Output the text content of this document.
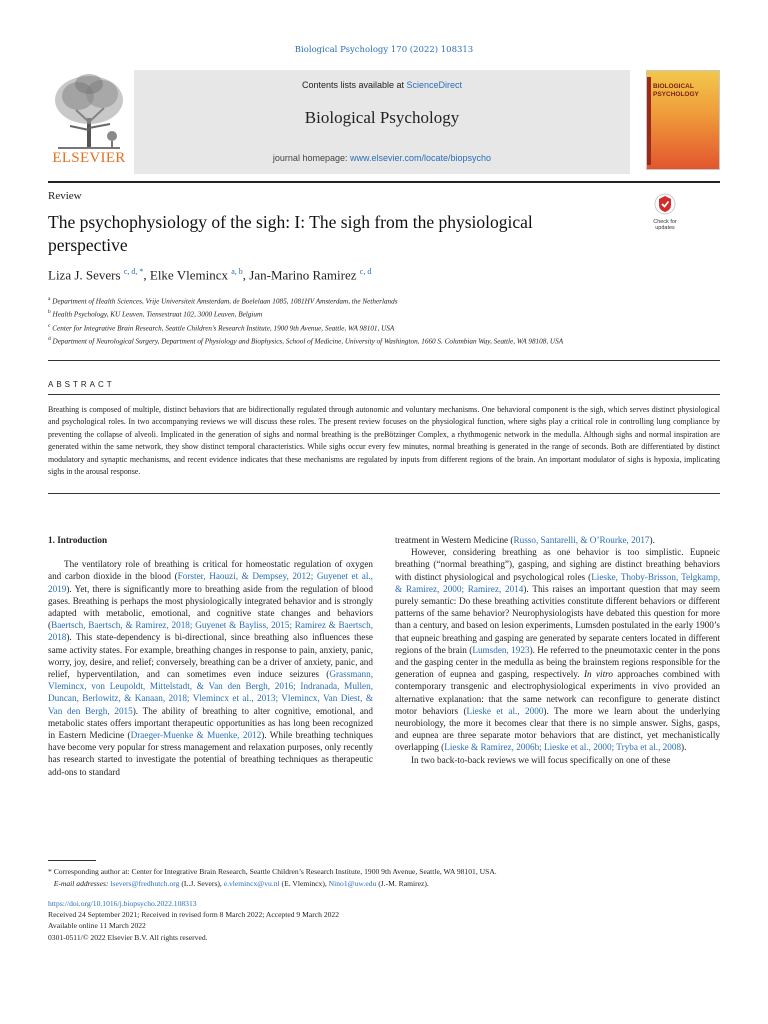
Biological Psychology 170 (2022) 108313
ELSEVIER
Contents lists available at ScienceDirect
Biological Psychology
journal homepage: www.elsevier.com/locate/biopsycho
BIOLOGICAL PSYCHOLOGY
Review
The psychophysiology of the sigh: I: The sigh from the physiological perspective
Check for updates
Liza J. Severs $^{c, d, *}$, Elke Vlemincx $^{a, b}$, Jan-Marino Ramirez $^{c, d}$
$^a$ Department of Health Sciences, Vrije Universiteit Amsterdam, de Boelelaan 1085, 1081HV Amsterdam, the Netherlands
$^b$ Health Psychology, KU Leuven, Tiensestraat 102, 3000 Leuven, Belgium
$^c$ Center for Integrative Brain Research, Seattle Children’s Research Institute, 1900 9th Avenue, Seattle, WA 98101, USA
$^d$ Department of Neurological Surgery, Department of Physiology and Biophysics, School of Medicine, University of Washington, 1660 S. Columbian Way, Seattle, WA 98108, USA
ABSTRACT
Breathing is composed of multiple, distinct behaviors that are bidirectionally regulated through autonomic and voluntary mechanisms. One behavioral component is the sigh, which serves distinct physiological and psychological roles. In two accompanying reviews we will discuss these roles. The present review focuses on the physiological function, where sighs play a critical role in controlling lung compliance by preventing the collapse of alveoli. Implicated in the generation of sighs and normal breathing is the preBötzinger Complex, a rhythmogenic network in the medulla. Although sighs and normal inspiration are generated within the same network, they show distinct temporal characteristics. While sighs occur every few minutes, normal breathing is generated in the range of seconds. Both are differentiated by distinct modulatory and synaptic mechanisms, and recent evidence indicates that these mechanisms are regulated by inputs from different regions of the brain. An important modulator of sighs is hypoxia, implicating sighs in the arousal response.
1. Introduction

The ventilatory role of breathing is critical for homeostatic regulation of oxygen and carbon dioxide in the blood (Forster, Haouzi, & Dempsey, 2012; Guyenet et al., 2019). Yet, there is significantly more to breathing aside from the regulation of blood gases. Breathing is perhaps the most physiologically integrated behavior and is strongly adapted with metabolic, emotional, and cognitive state changes and behaviors (Baertsch, Baertsch, & Ramirez, 2018; Guyenet & Bayliss, 2015; Ramirez & Baertsch, 2018). This state-dependency is bi-directional, since breathing also influences these same activity states. For example, breathing changes in response to pain, anxiety, panic, worry, joy, desire, and relief; conversely, breathing can be a driver of anxiety, panic, and relief, hyperventilation, and can sometimes even induce seizures (Grassmann, Vlemincx, von Leupoldt, Mittelstadt, & Van den Bergh, 2016; Indranada, Mullen, Duncan, Berlowitz, & Kanaan, 2018; Vlemincx et al., 2013; Vlemincx, Van Diest, & Van den Bergh, 2015). The ability of breathing to alter cognitive, emotional, and metabolic states offers important therapeutic opportunities as has long been recognized in Eastern Medicine (Draeger-Muenke & Muenke, 2012). While breathing techniques have become very popular for stress management and relaxation purposes, only recently has research started to investigate the potential of breathing techniques as therapeutic add-ons to standard

treatment in Western Medicine (Russo, Santarelli, & O’Rourke, 2017).

However, considering breathing as one behavior is too simplistic. Eupneic breathing (“normal breathing”), gasping, and sighing are distinct breathing behaviors with distinct physiological and psychological roles (Lieske, Thoby-Brisson, Telgkamp, & Ramirez, 2000; Ramirez, 2014). This raises an important question that may seem purely semantic: Do these breathing activities constitute different behaviors or different patterns of the same behavior? Neurophysiologists have debated this question for more than a century, and based on lesion experiments, Lumsden postulated in the early 1900’s that eupneic breathing and gasping are generated by separate centers located in different regions of the brain (Lumsden, 1923). He referred to the pneumotaxic center in the pons and the gasping center in the medulla as being the brainstem regions responsible for the generation of eupnea and gasping, respectively. In vitro approaches combined with contemporary transgenic and electrophysiological experiments in vivo provided an alternative explanation: that the same network can reconfigure to generate distinct motor behaviors (Lieske et al., 2000). The more we learn about the underlying neurobiology, the more it becomes clear that there is no simple answer. Sighs, gasps, and eupnea are three separate motor behaviors that are distinct, yet mechanistically overlapping (Lieske & Ramirez, 2006b; Lieske et al., 2000; Tryba et al., 2008).

In two back-to-back reviews we will focus specifically on one of these

* Corresponding author at: Center for Integrative Brain Research, Seattle Children’s Research Institute, 1900 9th Avenue, Seattle, WA 98101, USA.
E-mail addresses: lsevers@fredhutch.org (L.J. Severs), e.vlemincx@vu.nl (E. Vlemincx), Nino1@uw.edu (J.-M. Ramirez).
https://doi.org/10.1016/j.biopsycho.2022.108313
Received 24 September 2021; Received in revised form 8 March 2022; Accepted 9 March 2022
Available online 11 March 2022
0301-0511/© 2022 Elsevier B.V. All rights reserved.
